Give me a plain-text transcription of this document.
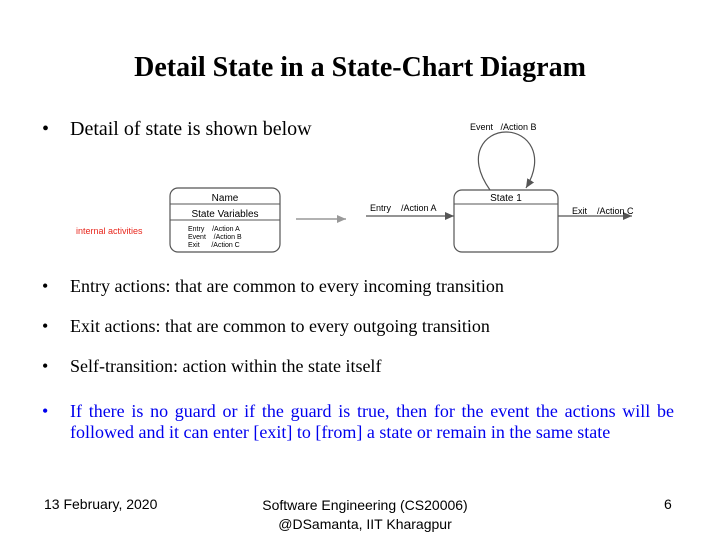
Detail State in a State-Chart Diagram
•	Detail of state is shown below
Name
State Variables
Entry    /Action A
Event    /Action B
Exit      /Action C
internal activities
Entry    /Action A
State 1
Event   /Action B
Exit    /Action C
•	Entry actions: that are common to every incoming transition
•	Exit actions: that are common to every outgoing transition
•	Self-transition: action within the state itself
•	If there is no guard or if the guard is true, then for the event the actions will be followed and it can enter [exit] to [from] a state or remain in the same state
13 February, 2020	Software Engineering (CS20006)
@DSamanta, IIT Kharagpur
6
